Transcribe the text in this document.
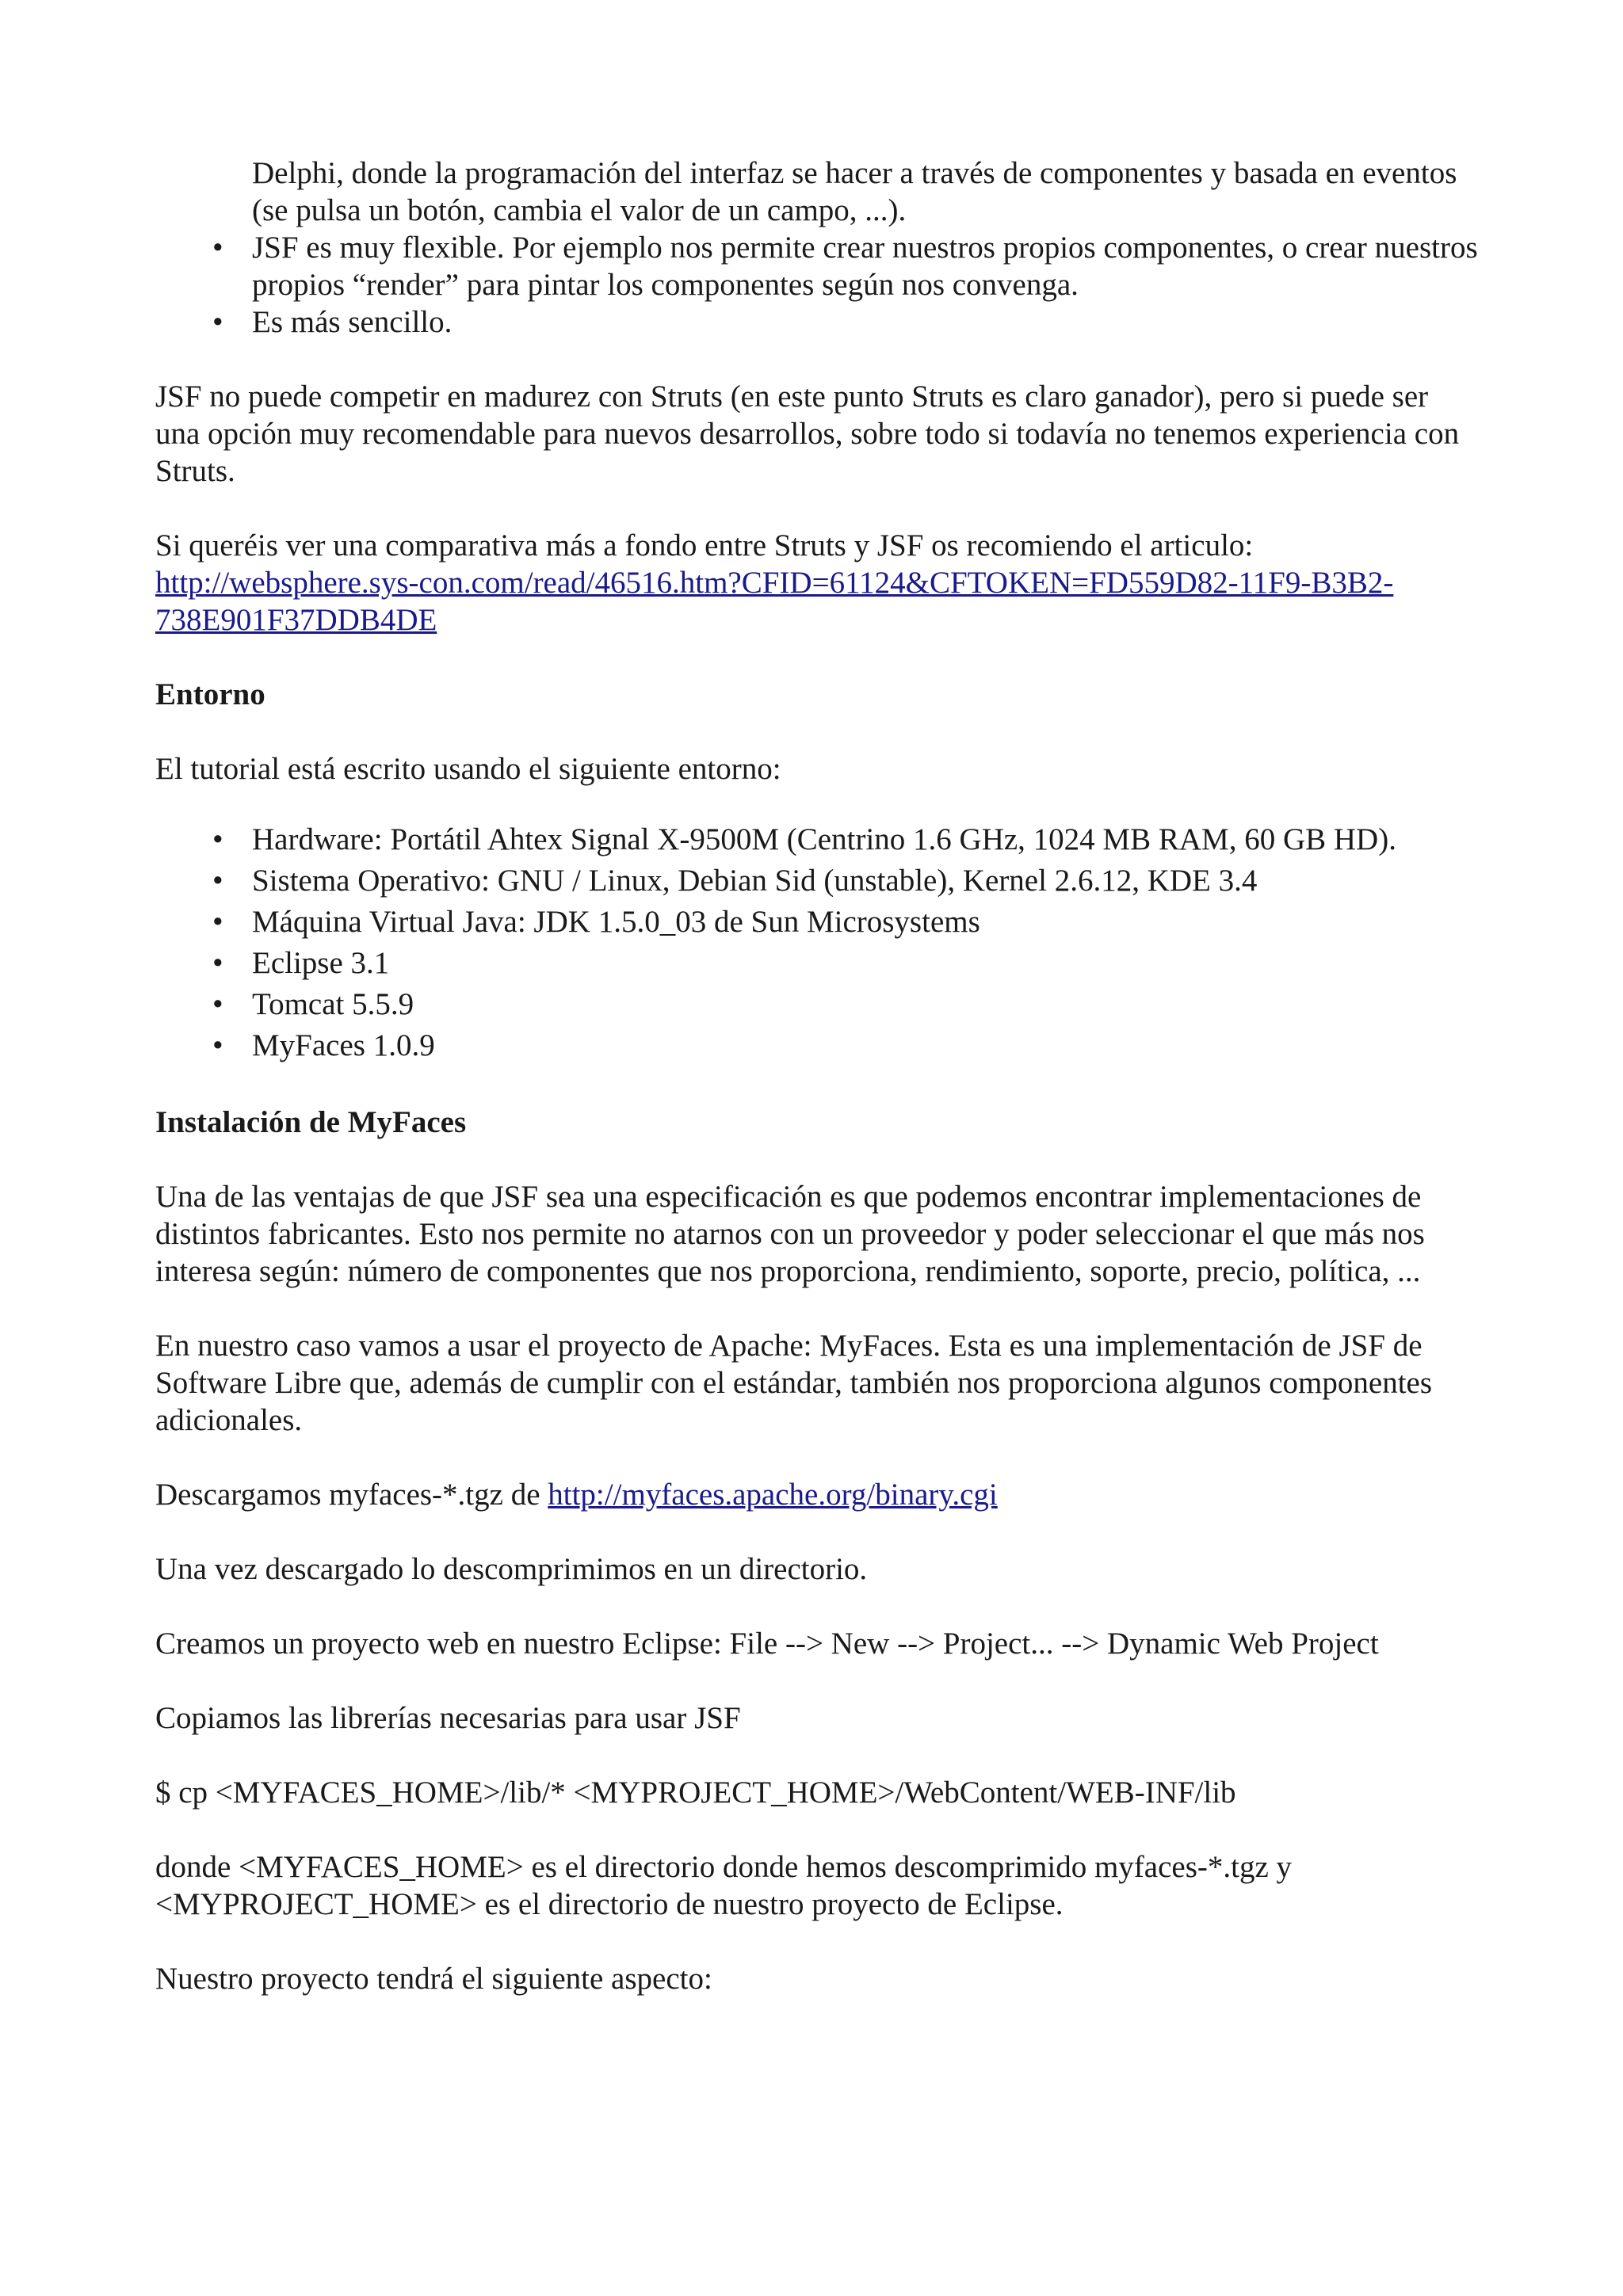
Delphi, donde la programación del interfaz se hacer a través de componentes y basada en eventos (se pulsa un botón, cambia el valor de un campo, ...).

• JSF es muy flexible. Por ejemplo nos permite crear nuestros propios componentes, o crear nuestros propios “render” para pintar los componentes según nos convenga.
• Es más sencillo.

JSF no puede competir en madurez con Struts (en este punto Struts es claro ganador), pero si puede ser una opción muy recomendable para nuevos desarrollos, sobre todo si todavía no tenemos experiencia con Struts.

Si queréis ver una comparativa más a fondo entre Struts y JSF os recomiendo el articulo:

http://websphere.sys-con.com/read/46516.htm?CFID=61124&CFTOKEN=FD559D82-11F9-B3B2-738E901F37DDB4DE

Entorno

El tutorial está escrito usando el siguiente entorno:

• Hardware: Portátil Ahtex Signal X-9500M (Centrino 1.6 GHz, 1024 MB RAM, 60 GB HD).
• Sistema Operativo: GNU / Linux, Debian Sid (unstable), Kernel 2.6.12, KDE 3.4
• Máquina Virtual Java: JDK 1.5.0_03 de Sun Microsystems
• Eclipse 3.1
• Tomcat 5.5.9
• MyFaces 1.0.9

Instalación de MyFaces

Una de las ventajas de que JSF sea una especificación es que podemos encontrar implementaciones de distintos fabricantes. Esto nos permite no atarnos con un proveedor y poder seleccionar el que más nos interesa según: número de componentes que nos proporciona, rendimiento, soporte, precio, política, ...

En nuestro caso vamos a usar el proyecto de Apache: MyFaces. Esta es una implementación de JSF de Software Libre que, además de cumplir con el estándar, también nos proporciona algunos componentes adicionales.

Descargamos myfaces-*.tgz de http://myfaces.apache.org/binary.cgi

Una vez descargado lo descomprimimos en un directorio.

Creamos un proyecto web en nuestro Eclipse: File --> New --> Project... --> Dynamic Web Project

Copiamos las librerías necesarias para usar JSF

$ cp <MYFACES_HOME>/lib/* <MYPROJECT_HOME>/WebContent/WEB-INF/lib

donde <MYFACES_HOME> es el directorio donde hemos descomprimido myfaces-*.tgz y <MYPROJECT_HOME> es el directorio de nuestro proyecto de Eclipse.

Nuestro proyecto tendrá el siguiente aspecto:
